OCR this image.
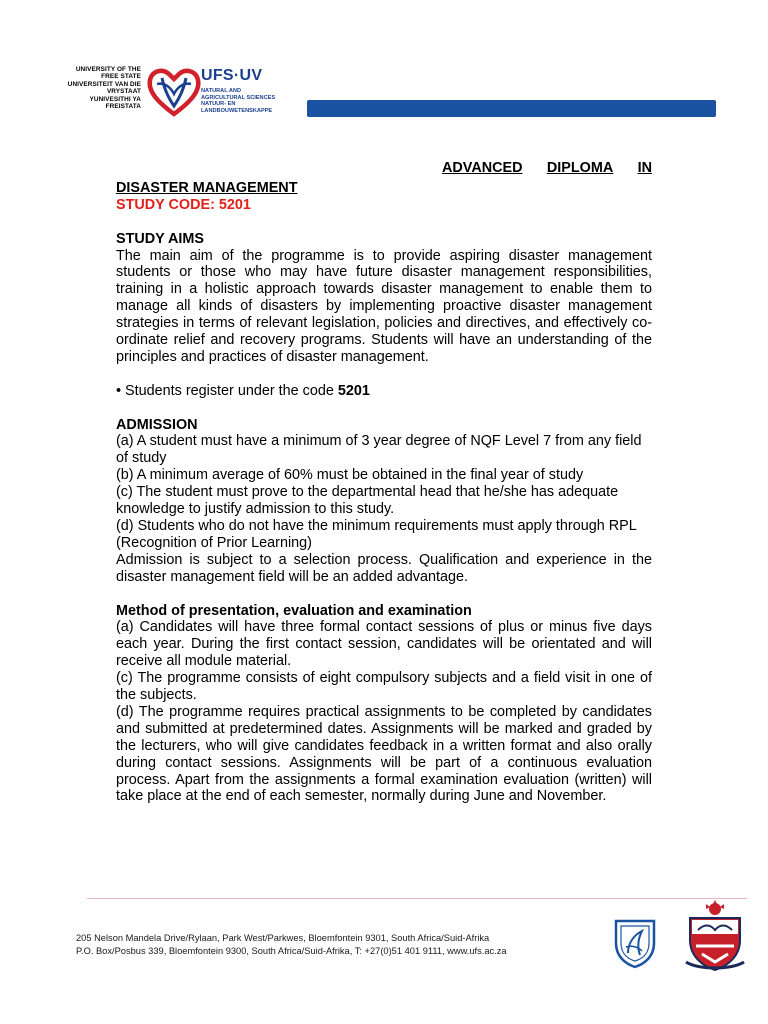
UNIVERSITY OF THE
FREE STATE
UNIVERSITEIT VAN DIE
VRYSTAAT
YUNIVESITHI YA
FREISTATA
UFS·UV
NATURAL AND
AGRICULTURAL SCIENCES
NATUUR- EN
LANDBOUWETENSKAPPE
ADVANCED DIPLOMA IN

DISASTER MANAGEMENT

STUDY CODE: 5201

STUDY AIMS

The main aim of the programme is to provide aspiring disaster management students or those who may have future disaster management responsibilities, training in a holistic approach towards disaster management to enable them to manage all kinds of disasters by implementing proactive disaster management strategies in terms of relevant legislation, policies and directives, and effectively co-ordinate relief and recovery programs. Students will have an understanding of the principles and practices of disaster management.

• Students register under the code 5201

ADMISSION

(a) A student must have a minimum of 3 year degree of NQF Level 7 from any field

of study

(b) A minimum average of 60% must be obtained in the final year of study

(c) The student must prove to the departmental head that he/she has adequate

knowledge to justify admission to this study.

(d) Students who do not have the minimum requirements must apply through RPL

(Recognition of Prior Learning)

Admission is subject to a selection process. Qualification and experience in the disaster management field will be an added advantage.

Method of presentation, evaluation and examination

(a) Candidates will have three formal contact sessions of plus or minus five days each year. During the first contact session, candidates will be orientated and will receive all module material.

(c) The programme consists of eight compulsory subjects and a field visit in one of the subjects.

(d) The programme requires practical assignments to be completed by candidates and submitted at predetermined dates. Assignments will be marked and graded by the lecturers, who will give candidates feedback in a written format and also orally during contact sessions. Assignments will be part of a continuous evaluation process. Apart from the assignments a formal examination evaluation (written) will take place at the end of each semester, normally during June and November.

205 Nelson Mandela Drive/Rylaan, Park West/Parkwes, Bloemfontein 9301, South Africa/Suid-Afrika
P.O. Box/Posbus 339, Bloemfontein 9300, South Africa/Suid-Afrika, T: +27(0)51 401 9111, www.ufs.ac.za
